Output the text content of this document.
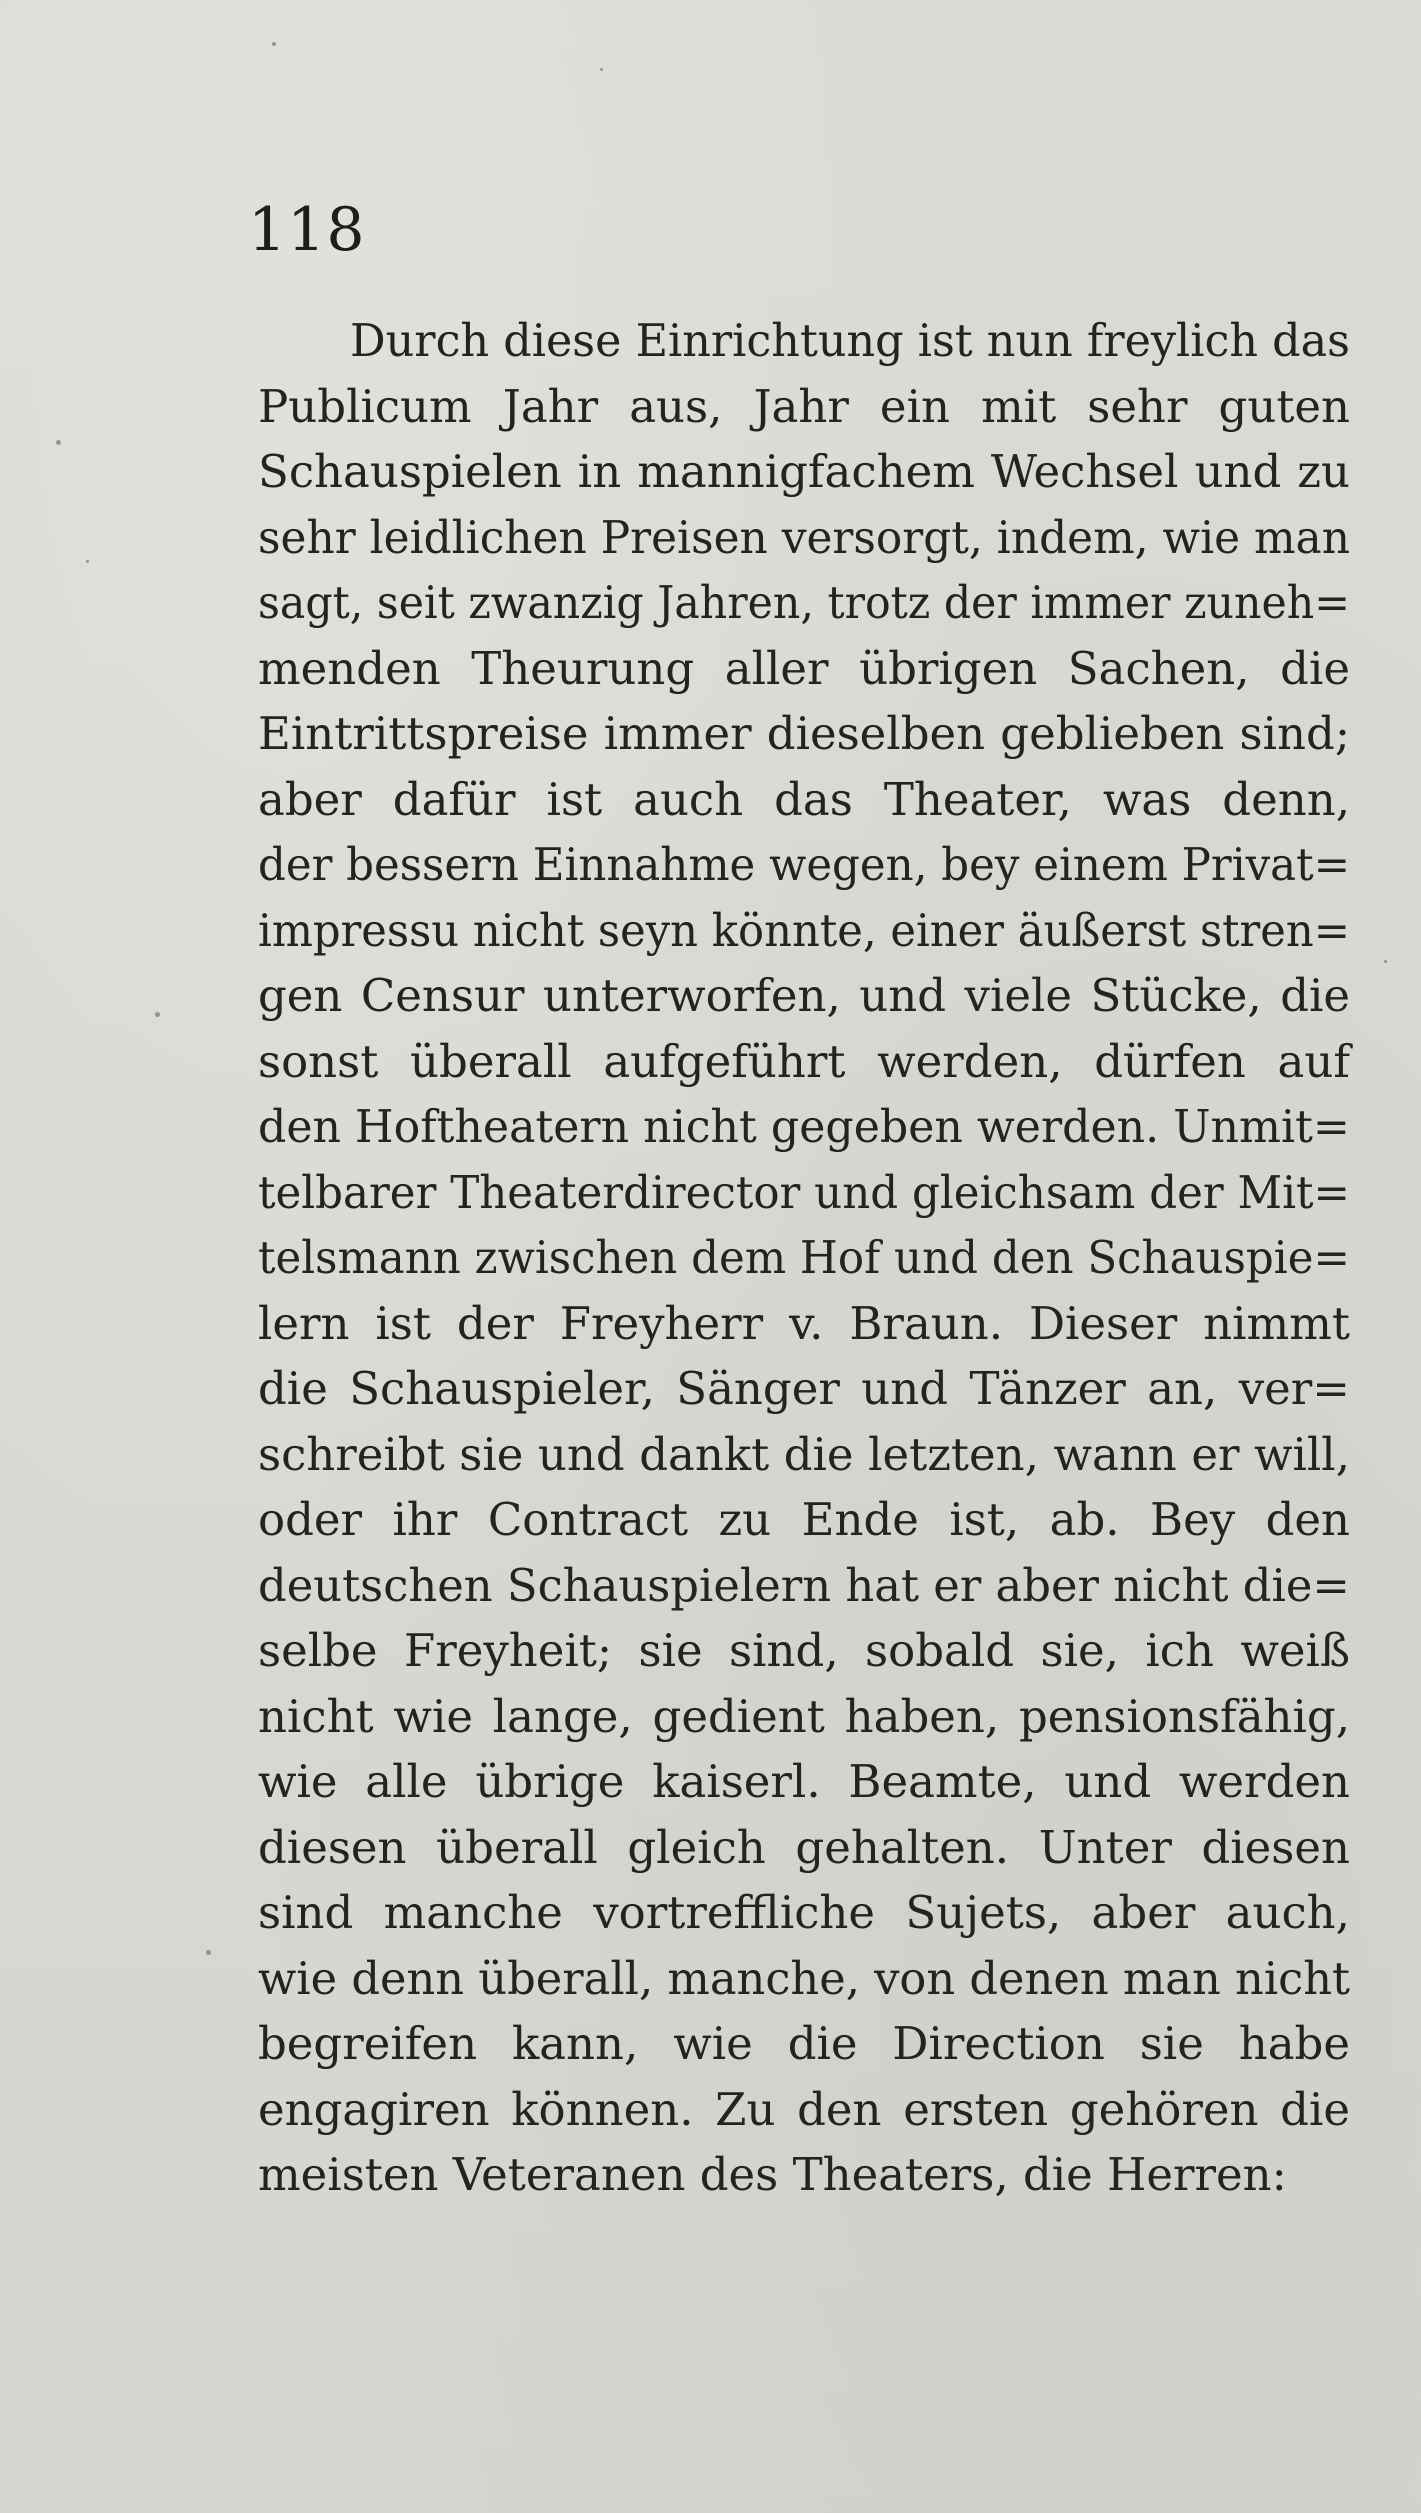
118
Durch diese Einrichtung ist nun freylich das
Publicum Jahr aus, Jahr ein mit sehr guten
Schauspielen in mannigfachem Wechsel und zu
sehr leidlichen Preisen versorgt, indem, wie man
sagt, seit zwanzig Jahren, trotz der immer zuneh=
menden Theurung aller übrigen Sachen, die
Eintrittspreise immer dieselben geblieben sind;
aber dafür ist auch das Theater, was denn,
der bessern Einnahme wegen, bey einem Privat=
impressu nicht seyn könnte, einer äußerst stren=
gen Censur unterworfen, und viele Stücke, die
sonst überall aufgeführt werden, dürfen auf
den Hoftheatern nicht gegeben werden. Unmit=
telbarer Theaterdirector und gleichsam der Mit=
telsmann zwischen dem Hof und den Schauspie=
lern ist der Freyherr v. Braun. Dieser nimmt
die Schauspieler, Sänger und Tänzer an, ver=
schreibt sie und dankt die letzten, wann er will,
oder ihr Contract zu Ende ist, ab. Bey den
deutschen Schauspielern hat er aber nicht die=
selbe Freyheit; sie sind, sobald sie, ich weiß
nicht wie lange, gedient haben, pensionsfähig,
wie alle übrige kaiserl. Beamte, und werden
diesen überall gleich gehalten. Unter diesen
sind manche vortreffliche Sujets, aber auch,
wie denn überall, manche, von denen man nicht
begreifen kann, wie die Direction sie habe
engagiren können. Zu den ersten gehören die
meisten Veteranen des Theaters, die Herren:
